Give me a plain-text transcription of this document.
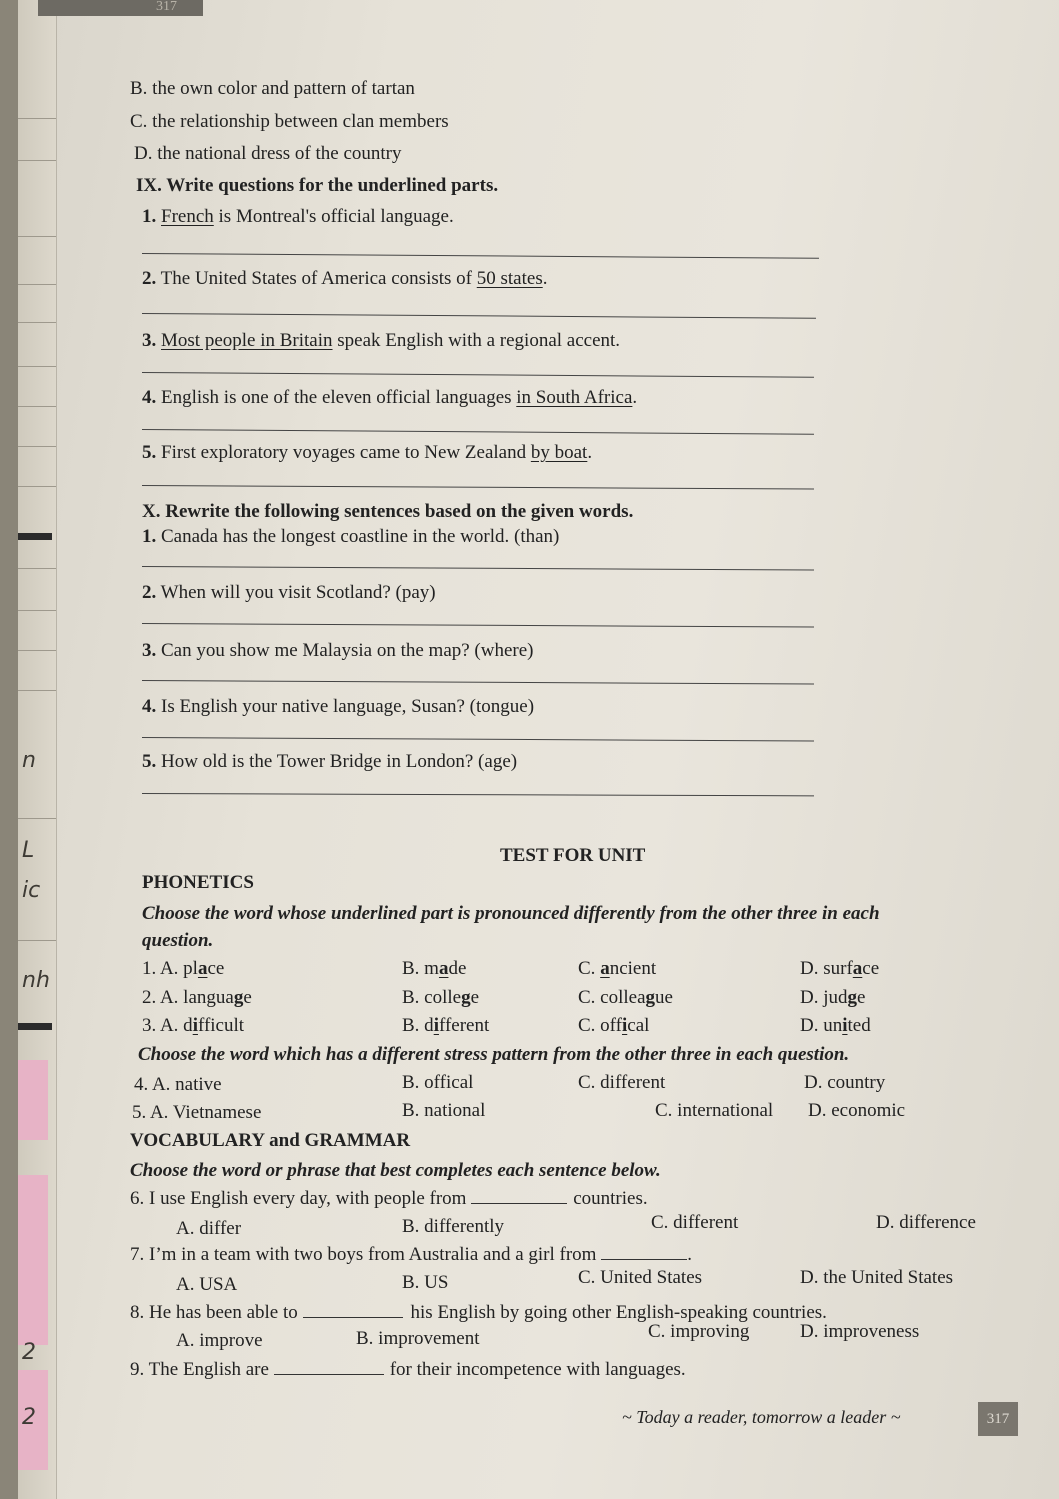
n
L
ic
nh
2
2
317
B. the own color and pattern of tartan
C. the relationship between clan members
D. the national dress of the country
IX. Write questions for the underlined parts.
1. French is Montreal's official language.
2. The United States of America consists of 50 states.
3. Most people in Britain speak English with a regional accent.
4. English is one of the eleven official languages in South Africa.
5. First exploratory voyages came to New Zealand by boat.
X. Rewrite the following sentences based on the given words.
1. Canada has the longest coastline in the world. (than)
2. When will you visit Scotland? (pay)
3. Can you show me Malaysia on the map? (where)
4. Is English your native language, Susan? (tongue)
5. How old is the Tower Bridge in London? (age)
TEST FOR UNIT
PHONETICS
Choose the word whose underlined part is pronounced differently from the other three in each
question.
1. A. place	B. made	C. ancient	D. surface
2. A. language	B. college	C. colleague	D. judge
3. A. difficult	B. different	C. offical	D. united
Choose the word which has a different stress pattern from the other three in each question.
4. A. native	B. offical	C. different	D. country
5. A. Vietnamese	B. national	C. international D. economic
VOCABULARY and GRAMMAR
Choose the word or phrase that best completes each sentence below.
6. I use English every day, with people from	countries.
A. differ	B. differently	C. different	D. difference
7. I’m in a team with two boys from Australia and a girl from	.
A. USA	B. US	C. United States	D. the United States
8. He has been able to	his English by going other English-speaking countries.
A. improve	B. improvement	C. improving	D. improveness
9. The English are	for their incompetence with languages.
~ Today a reader, tomorrow a leader ~	317
